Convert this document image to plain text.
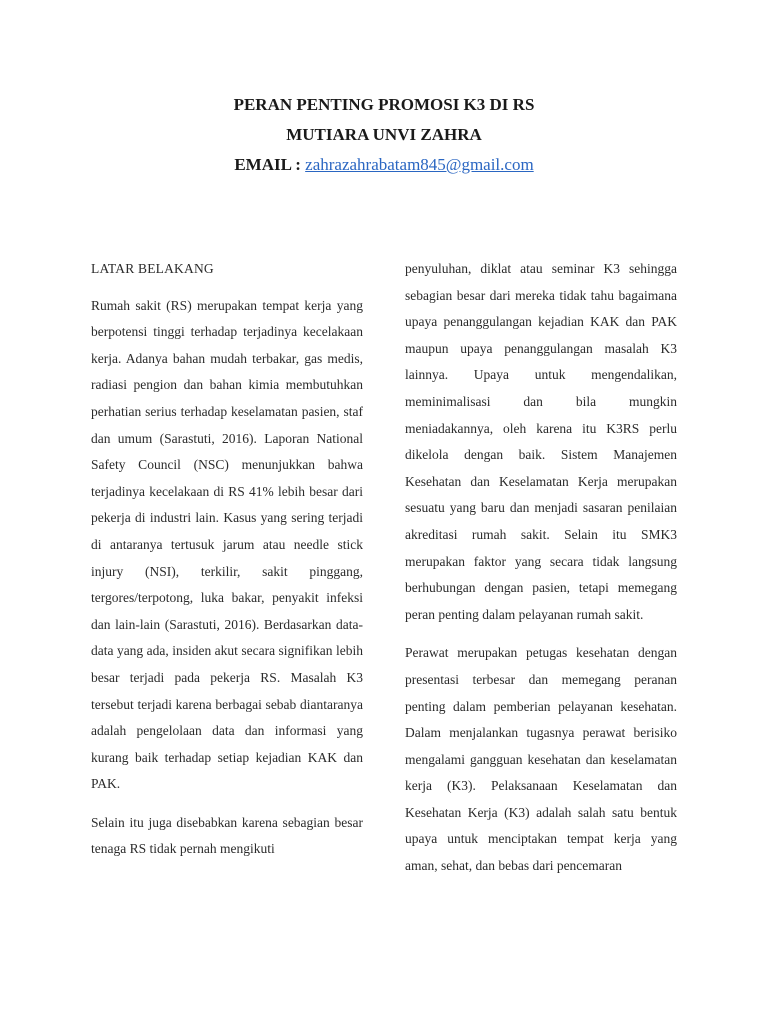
PERAN PENTING PROMOSI K3 DI RS
MUTIARA UNVI ZAHRA
EMAIL : zahrazahrabatam845@gmail.com
LATAR BELAKANG

Rumah sakit (RS) merupakan tempat kerja yang berpotensi tinggi terhadap terjadinya kecelakaan kerja. Adanya bahan mudah terbakar, gas medis, radiasi pengion dan bahan kimia membutuhkan perhatian serius terhadap keselamatan pasien, staf dan umum (Sarastuti, 2016). Laporan National Safety Council (NSC) menunjukkan bahwa terjadinya kecelakaan di RS 41% lebih besar dari pekerja di industri lain. Kasus yang sering terjadi di antaranya tertusuk jarum atau needle stick injury (NSI), terkilir, sakit pinggang, tergores/terpotong, luka bakar, penyakit infeksi dan lain-lain (Sarastuti, 2016). Berdasarkan data-data yang ada, insiden akut secara signifikan lebih besar terjadi pada pekerja RS. Masalah K3 tersebut terjadi karena berbagai sebab diantaranya adalah pengelolaan data dan informasi yang kurang baik terhadap setiap kejadian KAK dan PAK.

Selain itu juga disebabkan karena sebagian besar tenaga RS tidak pernah mengikuti

penyuluhan, diklat atau seminar K3 sehingga sebagian besar dari mereka tidak tahu bagaimana upaya penanggulangan kejadian KAK dan PAK maupun upaya penanggulangan masalah K3 lainnya. Upaya untuk mengendalikan, meminimalisasi dan bila mungkin meniadakannya, oleh karena itu K3RS perlu dikelola dengan baik. Sistem Manajemen Kesehatan dan Keselamatan Kerja merupakan sesuatu yang baru dan menjadi sasaran penilaian akreditasi rumah sakit. Selain itu SMK3 merupakan faktor yang secara tidak langsung berhubungan dengan pasien, tetapi memegang peran penting dalam pelayanan rumah sakit.

Perawat merupakan petugas kesehatan dengan presentasi terbesar dan memegang peranan penting dalam pemberian pelayanan kesehatan. Dalam menjalankan tugasnya perawat berisiko mengalami gangguan kesehatan dan keselamatan kerja (K3). Pelaksanaan Keselamatan dan Kesehatan Kerja (K3) adalah salah satu bentuk upaya untuk menciptakan tempat kerja yang aman, sehat, dan bebas dari pencemaran
